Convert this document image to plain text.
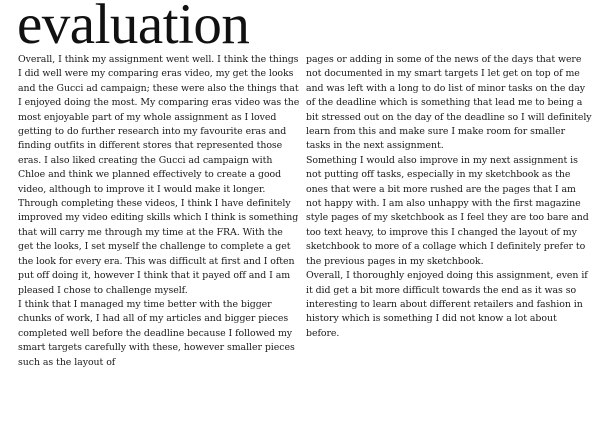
evaluation

Overall, I think my assignment went well. I think the things I did well were my comparing eras video, my get the looks and the Gucci ad campaign; these were also the things that I enjoyed doing the most. My comparing eras video was the most enjoyable part of my whole assignment as I loved getting to do further research into my favourite eras and finding outfits in different stores that represented those eras. I also liked creating the Gucci ad campaign with Chloe and think we planned effectively to create a good video, although to improve it I would make it longer. Through completing these videos, I think I have definitely improved my video editing skills which I think is something that will carry me through my time at the FRA. With the get the looks, I set myself the challenge to complete a get the look for every era. This was difficult at first and I often put off doing it, however I think that it payed off and I am pleased I chose to challenge myself.

I think that I managed my time better with the bigger chunks of work, I had all of my articles and bigger pieces completed well before the deadline because I followed my smart targets carefully with these, however smaller pieces such as the layout of

pages or adding in some of the news of the days that were not documented in my smart targets I let get on top of me and was left with a long to do list of minor tasks on the day of the deadline which is something that lead me to being a bit stressed out on the day of the deadline so I will definitely learn from this and make sure I make room for smaller tasks in the next assignment.

Something I would also improve in my next assignment is not putting off tasks, especially in my sketchbook as the ones that were a bit more rushed are the pages that I am not happy with. I am also unhappy with the first magazine style pages of my sketchbook as I feel they are too bare and too text heavy, to improve this I changed the layout of my sketchbook to more of a collage which I definitely prefer to the previous pages in my sketchbook.

Overall, I thoroughly enjoyed doing this assignment, even if it did get a bit more difficult towards the end as it was so interesting to learn about different retailers and fashion in history which is something I did not know a lot about before.
